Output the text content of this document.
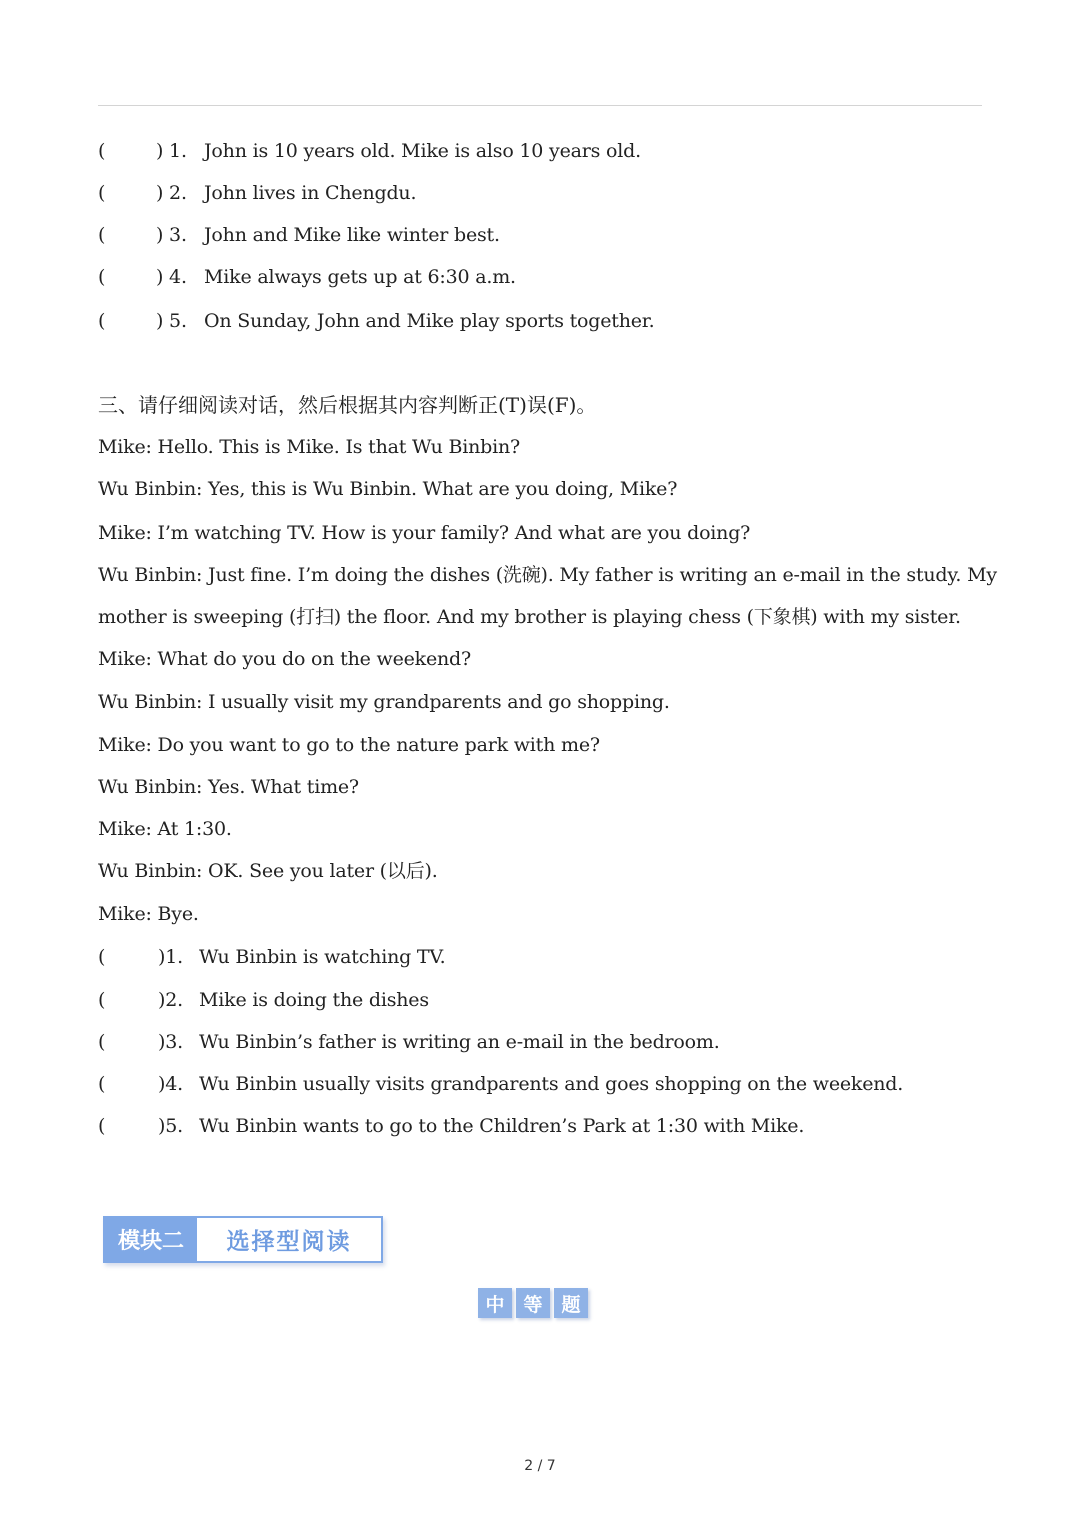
(	) 1. John is 10 years old. Mike is also 10 years old.
(	) 2. John lives in Chengdu.
(	) 3. John and Mike like winter best.
(	) 4. Mike always gets up at 6:30 a.m.
(	) 5. On Sunday, John and Mike play sports together.
三、请仔细阅读对话，然后根据其内容判断正(T)误(F)。
Mike: Hello. This is Mike. Is that Wu Binbin?
Wu Binbin: Yes, this is Wu Binbin. What are you doing, Mike?
Mike: I’m watching TV. How is your family? And what are you doing?
Wu Binbin: Just fine. I’m doing the dishes (洗碗). My father is writing an e-mail in the study. My
mother is sweeping (打扫) the floor. And my brother is playing chess (下象棋) with my sister.
Mike: What do you do on the weekend?
Wu Binbin: I usually visit my grandparents and go shopping.
Mike: Do you want to go to the nature park with me?
Wu Binbin: Yes. What time?
Mike: At 1:30.
Wu Binbin: OK. See you later (以后).
Mike: Bye.
(	)1. Wu Binbin is watching TV.
(	)2. Mike is doing the dishes
(	)3. Wu Binbin’s father is writing an e-mail in the bedroom.
(	)4. Wu Binbin usually visits grandparents and goes shopping on the weekend.
(	)5. Wu Binbin wants to go to the Children’s Park at 1:30 with Mike.
模块二	选择型阅读
中 等 题
2 / 7
